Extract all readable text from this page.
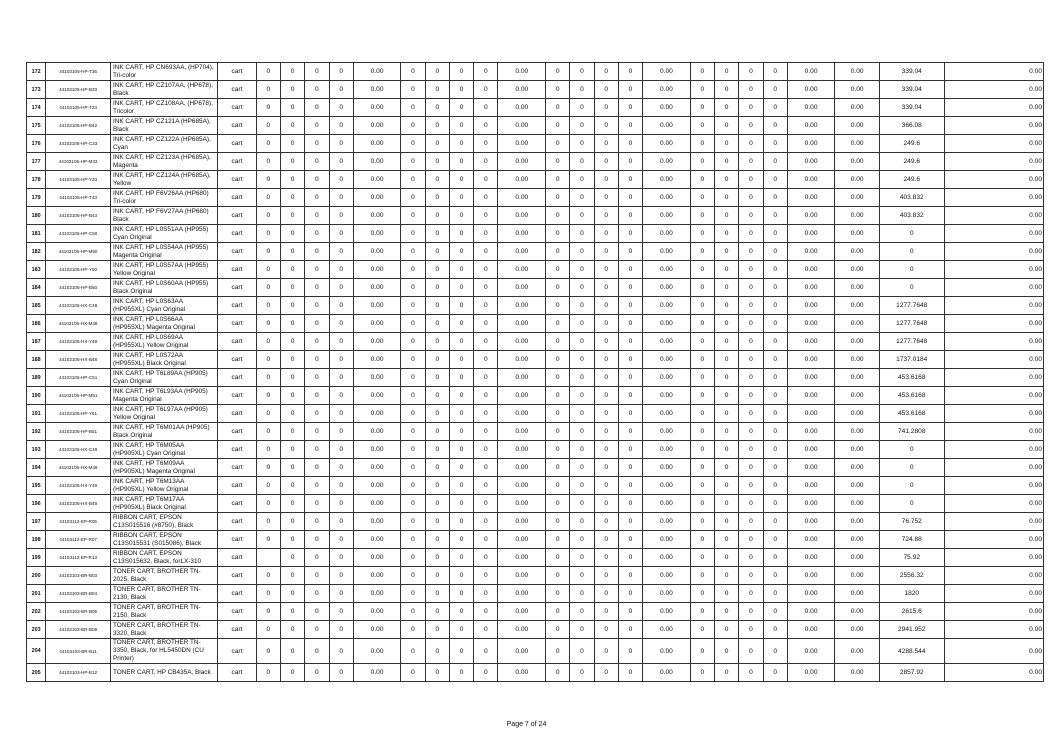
172	44103105-HP-T36	INK CART, HP CN693AA, (HP704), Tri-color	cart	0	0	0	0	0.00	0	0	0	0	0.00	0	0	0	0	0.00	0	0	0	0	0.00	0.00	339.04	0.00
173	44103105-HP-B33	INK CART, HP CZ107AA, (HP678), Black	cart	0	0	0	0	0.00	0	0	0	0	0.00	0	0	0	0	0.00	0	0	0	0	0.00	0.00	339.04	0.00
174	44103105-HP-T33	INK CART, HP CZ108AA, (HP678), Tricolor	cart	0	0	0	0	0.00	0	0	0	0	0.00	0	0	0	0	0.00	0	0	0	0	0.00	0.00	339.04	0.00
175	44103105-HP-B42	INK CART, HP CZ121A (HP685A), Black	cart	0	0	0	0	0.00	0	0	0	0	0.00	0	0	0	0	0.00	0	0	0	0	0.00	0.00	366.08	0.00
176	44103105-HP-C33	INK CART, HP CZ122A (HP685A), Cyan	cart	0	0	0	0	0.00	0	0	0	0	0.00	0	0	0	0	0.00	0	0	0	0	0.00	0.00	249.6	0.00
177	44103105-HP-M33	INK CART, HP CZ123A (HP685A), Magenta	cart	0	0	0	0	0.00	0	0	0	0	0.00	0	0	0	0	0.00	0	0	0	0	0.00	0.00	249.6	0.00
178	44103105-HP-Y33	INK CART, HP CZ124A (HP685A), Yellow	cart	0	0	0	0	0.00	0	0	0	0	0.00	0	0	0	0	0.00	0	0	0	0	0.00	0.00	249.6	0.00
179	44103105-HP-T43	INK CART, HP F6V26AA (HP680) Tri-color	cart	0	0	0	0	0.00	0	0	0	0	0.00	0	0	0	0	0.00	0	0	0	0	0.00	0.00	403.832	0.00
180	44103105-HP-B43	INK CART, HP F6V27AA (HP680) Black	cart	0	0	0	0	0.00	0	0	0	0	0.00	0	0	0	0	0.00	0	0	0	0	0.00	0.00	403.832	0.00
181	44103105-HP-C50	INK CART, HP L0S51AA (HP955) Cyan Original	cart	0	0	0	0	0.00	0	0	0	0	0.00	0	0	0	0	0.00	0	0	0	0	0.00	0.00	0	0.00
182	44103105-HP-M50	INK CART, HP L0S54AA (HP955) Magenta Original	cart	0	0	0	0	0.00	0	0	0	0	0.00	0	0	0	0	0.00	0	0	0	0	0.00	0.00	0	0.00
183	44103105-HP-Y50	INK CART, HP L0S57AA (HP955) Yellow Original	cart	0	0	0	0	0.00	0	0	0	0	0.00	0	0	0	0	0.00	0	0	0	0	0.00	0.00	0	0.00
184	44103105-HP-B50	INK CART, HP L0S60AA (HP955) Black Original	cart	0	0	0	0	0.00	0	0	0	0	0.00	0	0	0	0	0.00	0	0	0	0	0.00	0.00	0	0.00
185	44103105-HX-C48	INK CART, HP L0S63AA (HP955XL) Cyan Original	cart	0	0	0	0	0.00	0	0	0	0	0.00	0	0	0	0	0.00	0	0	0	0	0.00	0.00	1277.7648	0.00
186	44103105-HX-M48	INK CART, HP L0S66AA (HP955XL) Magenta Original	cart	0	0	0	0	0.00	0	0	0	0	0.00	0	0	0	0	0.00	0	0	0	0	0.00	0.00	1277.7648	0.00
187	44103105-HX-Y48	INK CART, HP L0S69AA (HP955XL) Yellow Original	cart	0	0	0	0	0.00	0	0	0	0	0.00	0	0	0	0	0.00	0	0	0	0	0.00	0.00	1277.7648	0.00
188	44103105-HX-B48	INK CART, HP L0S72AA (HP955XL) Black Original	cart	0	0	0	0	0.00	0	0	0	0	0.00	0	0	0	0	0.00	0	0	0	0	0.00	0.00	1737.0184	0.00
189	44103105-HP-C51	INK CART, HP T6L89AA (HP905) Cyan Original	cart	0	0	0	0	0.00	0	0	0	0	0.00	0	0	0	0	0.00	0	0	0	0	0.00	0.00	453.6168	0.00
190	44103105-HP-M51	INK CART, HP T6L93AA (HP905) Magenta Original	cart	0	0	0	0	0.00	0	0	0	0	0.00	0	0	0	0	0.00	0	0	0	0	0.00	0.00	453.6168	0.00
191	44103105-HP-Y51	INK CART, HP T6L97AA (HP905) Yellow Original	cart	0	0	0	0	0.00	0	0	0	0	0.00	0	0	0	0	0.00	0	0	0	0	0.00	0.00	453.6168	0.00
192	44103105-HP-B51	INK CART, HP T6M01AA (HP905) Black Original	cart	0	0	0	0	0.00	0	0	0	0	0.00	0	0	0	0	0.00	0	0	0	0	0.00	0.00	741.2808	0.00
193	44103105-HX-C49	INK CART, HP T6M05AA (HP905XL) Cyan Original	cart	0	0	0	0	0.00	0	0	0	0	0.00	0	0	0	0	0.00	0	0	0	0	0.00	0.00	0	0.00
194	44103105-HX-M49	INK CART, HP T6M09AA (HP905XL) Magenta Original	cart	0	0	0	0	0.00	0	0	0	0	0.00	0	0	0	0	0.00	0	0	0	0	0.00	0.00	0	0.00
195	44103105-HX-Y49	INK CART, HP T6M13AA (HP905XL) Yellow Original	cart	0	0	0	0	0.00	0	0	0	0	0.00	0	0	0	0	0.00	0	0	0	0	0.00	0.00	0	0.00
196	44103105-HX-B49	INK CART, HP T6M17AA (HP905XL) Black Original	cart	0	0	0	0	0.00	0	0	0	0	0.00	0	0	0	0	0.00	0	0	0	0	0.00	0.00	0	0.00
197	44103112-EP-R05	RIBBON CART, EPSON C13S015516 (#8750), Black	cart	0	0	0	0	0.00	0	0	0	0	0.00	0	0	0	0	0.00	0	0	0	0	0.00	0.00	76.752	0.00
198	44103112-EP-R07	RIBBON CART, EPSON C13S015531 (S015086), Black	cart	0	0	0	0	0.00	0	0	0	0	0.00	0	0	0	0	0.00	0	0	0	0	0.00	0.00	724.88	0.00
199	44103112-EP-R13	RIBBON CART, EPSON C13S015632, Black, forLX-310	cart		0	0	0	0.00	0	0	0	0	0.00	0	0	0	0	0.00	0	0	0	0	0.00	0.00	75.92	0.00
200	44103103-BR-B03	TONER CART, BROTHER TN-2025, Black	cart	0	0	0	0	0.00	0	0	0	0	0.00	0	0	0	0	0.00	0	0	0	0	0.00	0.00	2556.32	0.00
201	44103103-BR-B04	TONER CART, BROTHER TN-2130, Black	cart	0	0	0	0	0.00	0	0	0	0	0.00	0	0	0	0	0.00	0	0	0	0	0.00	0.00	1820	0.00
202	44103103-BR-B05	TONER CART, BROTHER TN-2150, Black	cart	0	0	0	0	0.00	0	0	0	0	0.00	0	0	0	0	0.00	0	0	0	0	0.00	0.00	2615.6	0.00
203	44103103-BR-B09	TONER CART, BROTHER TN-3320, Black	cart	0	0	0	0	0.00	0	0	0	0	0.00	0	0	0	0	0.00	0	0	0	0	0.00	0.00	2941.952	0.00
204	44103103-BR-B11	TONER CART, BROTHER TN-3350, Black, for HL5450DN (CU Printer)	cart	0	0	0	0	0.00	0	0	0	0	0.00	0	0	0	0	0.00	0	0	0	0	0.00	0.00	4288.544	0.00
205	44103103-HP-B12	TONER CART, HP CB435A, Black	cart	0	0	0	0	0.00	0	0	0	0	0.00	0	0	0	0	0.00	0	0	0	0	0.00	0.00	2857.92	0.00
Page 7 of 24
